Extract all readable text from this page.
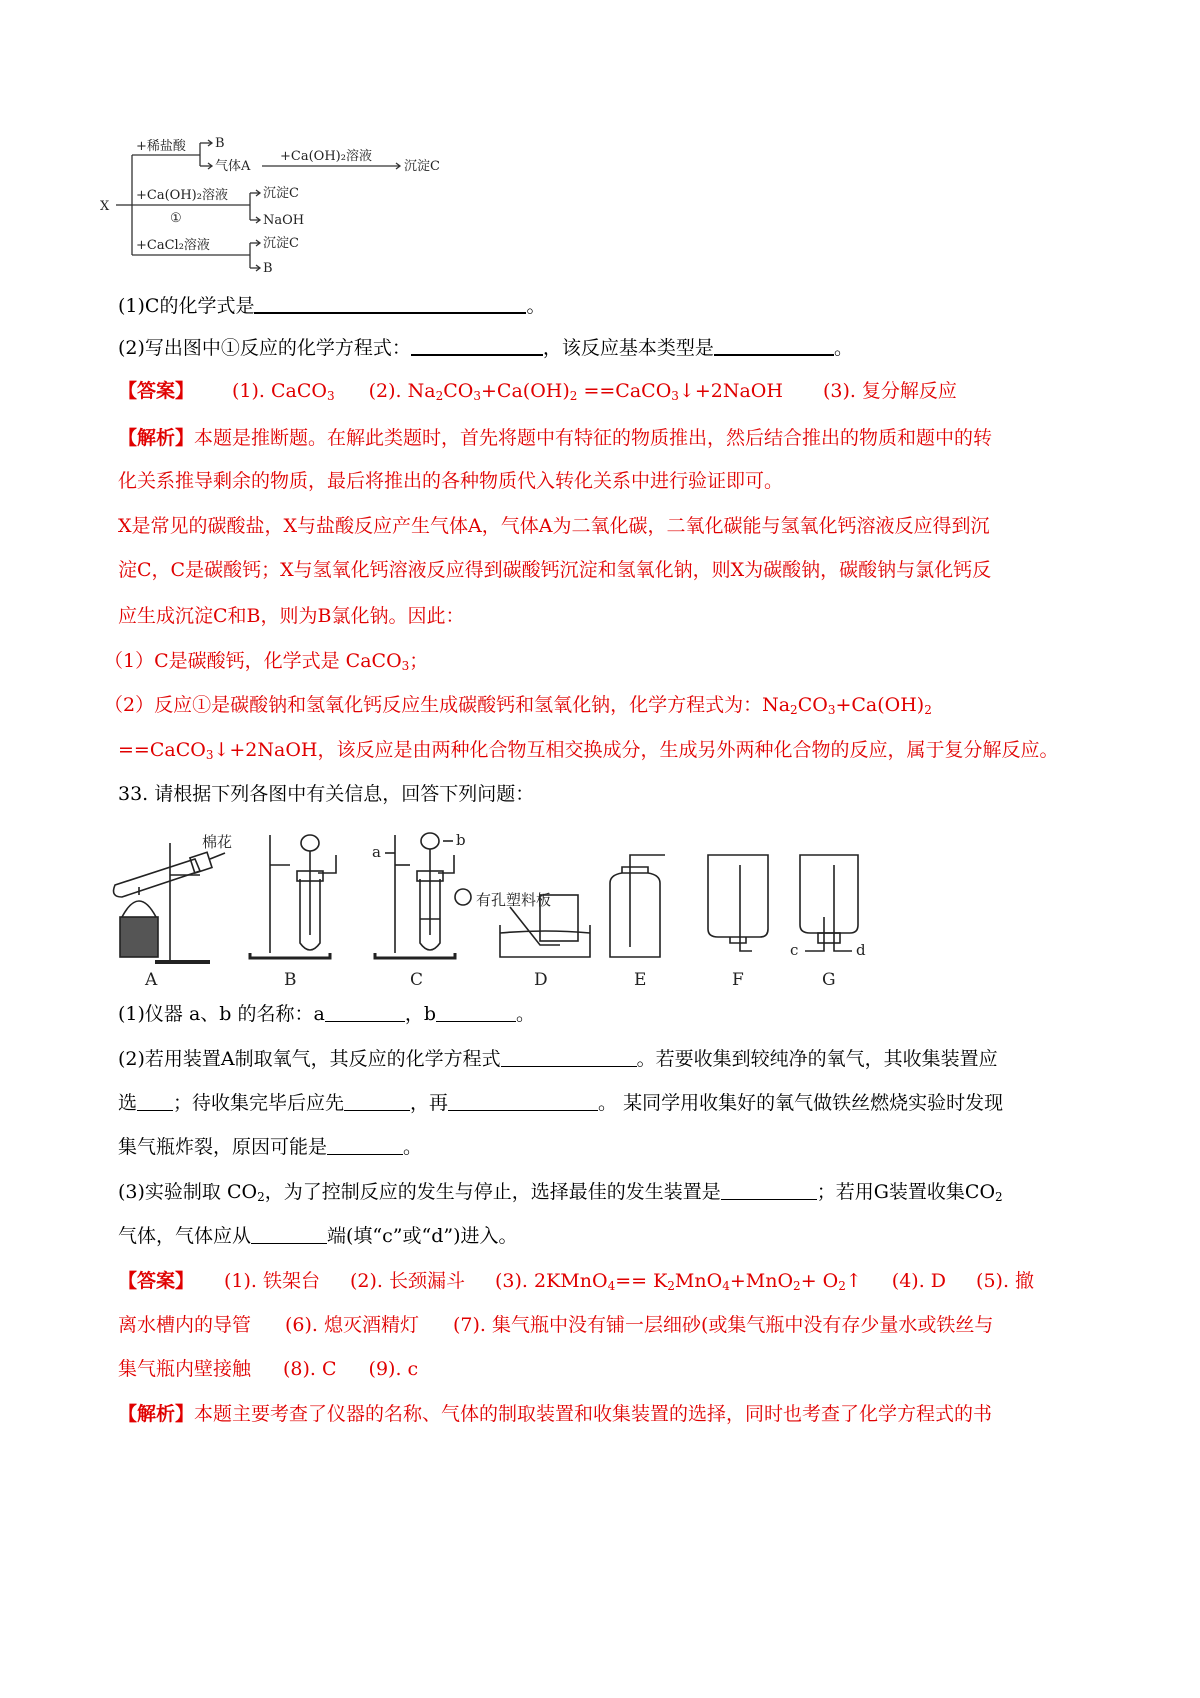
X
+稀盐酸 B
气体A
+Ca(OH)₂溶液
沉淀C
+Ca(OH)₂溶液
①
沉淀C
NaOH
+CaCl₂溶液	沉淀C
B
(1)C的化学式是	。
(2)写出图中①反应的化学方程式：	，该反应基本类型是	。
【答案】 (1). CaCO$_3$ (2). $Na_2CO_3+Ca(OH)_2$ ==CaCO$_3$↓+2NaOH (3). 复分解反应
【解析】本题是推断题。在解此类题时，首先将题中有特征的物质推出，然后结合推出的物质和题中的转
化关系推导剩余的物质，最后将推出的各种物质代入转化关系中进行验证即可。
X是常见的碳酸盐，X与盐酸反应产生气体A，气体A为二氧化碳，二氧化碳能与氢氧化钙溶液反应得到沉
淀C，C是碳酸钙；X与氢氧化钙溶液反应得到碳酸钙沉淀和氢氧化钠，则X为碳酸钠，碳酸钠与氯化钙反
应生成沉淀C和B，则为B氯化钠。因此：
（1）C是碳酸钙，化学式是 CaCO$_3$；
（2）反应①是碳酸钠和氢氧化钙反应生成碳酸钙和氢氧化钠，化学方程式为：$Na_2CO_3+Ca(OH)_2$
==CaCO$_3$↓+2NaOH，该反应是由两种化合物互相交换成分，生成另外两种化合物的反应，属于复分解反应。
33. 请根据下列各图中有关信息，回答下列问题：
棉花
有孔塑料板
a
b
c	d
A	B	C	D	E	F	G
(1)仪器 a、b 的名称：a	，b	。
(2)若用装置A制取氧气，其反应的化学方程式	。若要收集到较纯净的氧气，其收集装置应
选 ；待收集完毕后应先	，再	。 某同学用收集好的氧气做铁丝燃烧实验时发现
集气瓶炸裂，原因可能是	。
(3)实验制取 $CO_2$，为了控制反应的发生与停止，选择最佳的发生装置是	；若用G装置收集$CO_2$
气体，气体应从	端(填“c”或“d”)进入。
【答案】 (1). 铁架台 (2). 长颈漏斗 (3). 2KMnO$_4$== $K_2MnO_4+MnO_2+$ $O_2↑$ (4). D (5). 撤
离水槽内的导管 (6). 熄灭酒精灯 (7). 集气瓶中没有铺一层细砂(或集气瓶中没有存少量水或铁丝与
集气瓶内壁接触 (8). C (9). c
【解析】本题主要考查了仪器的名称、气体的制取装置和收集装置的选择，同时也考查了化学方程式的书
